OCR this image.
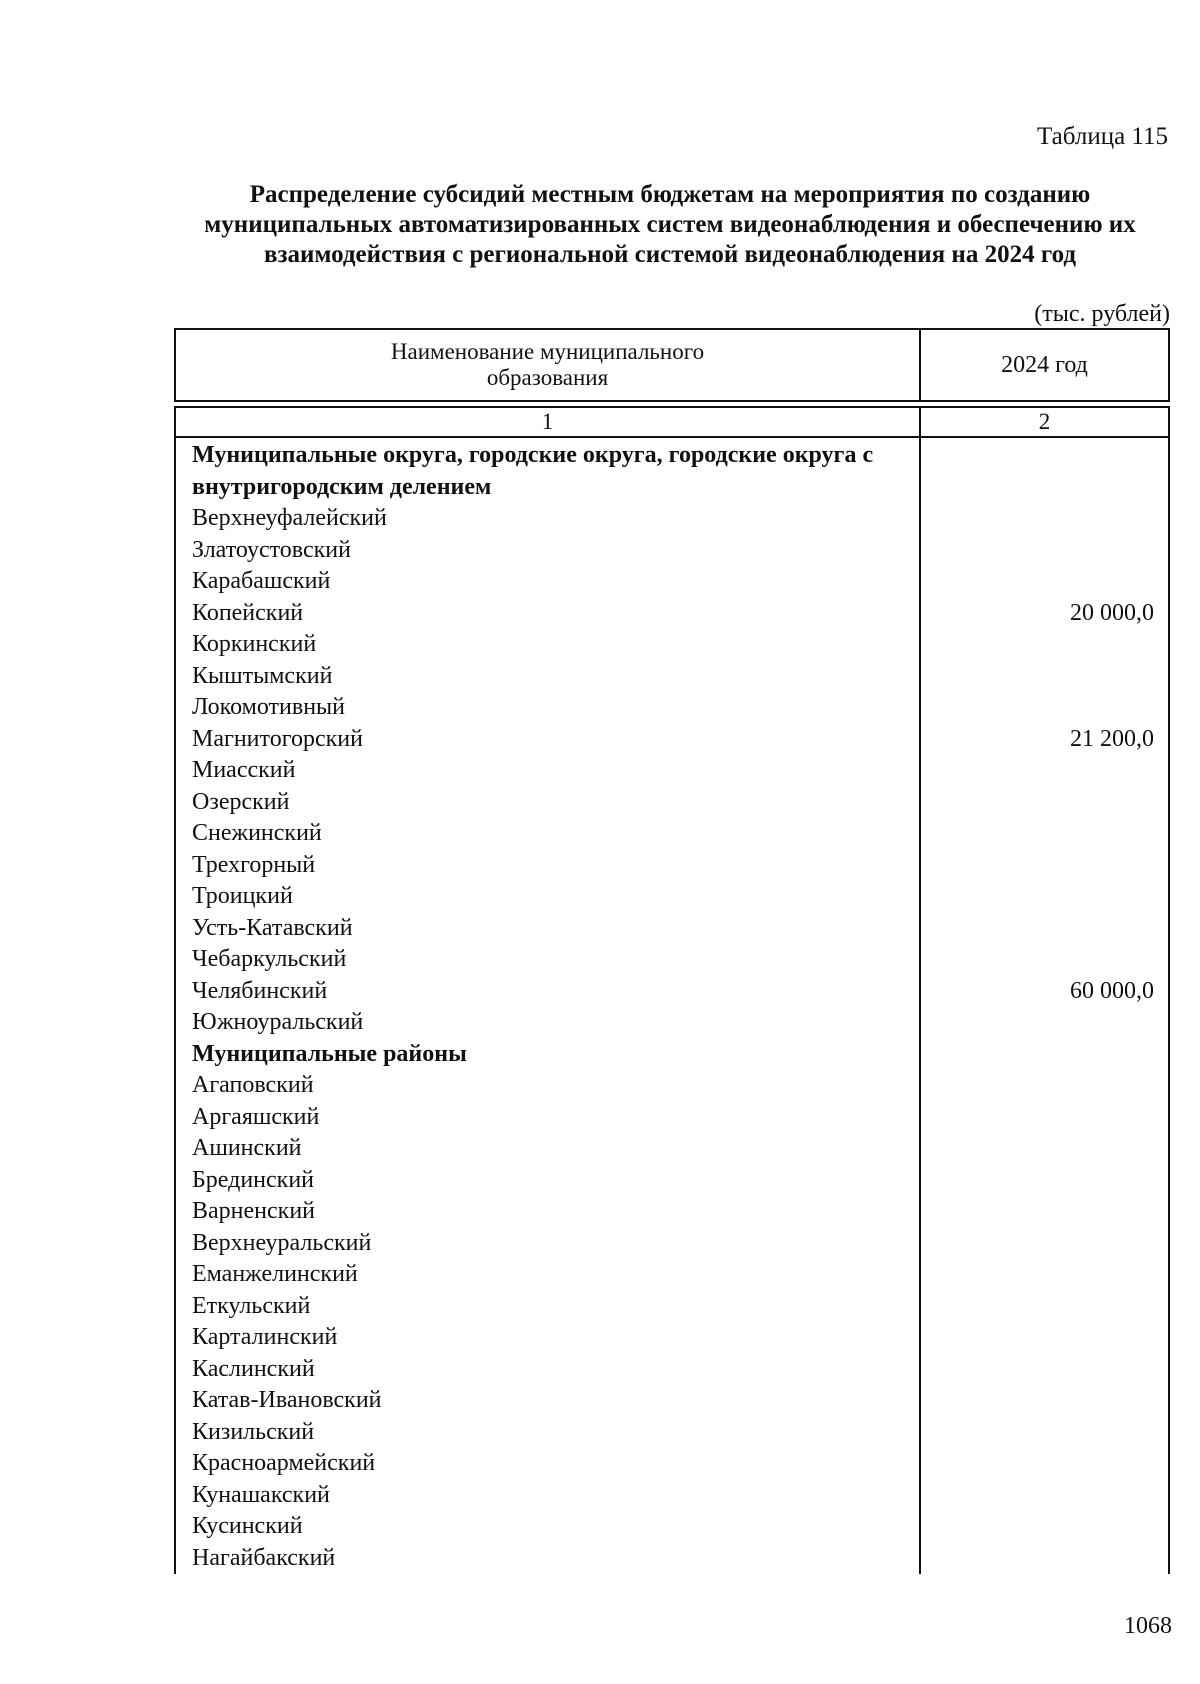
Таблица 115
Распределение субсидий местным бюджетам на мероприятия по созданию муниципальных автоматизированных систем видеонаблюдения и обеспечению их взаимодействия с региональной системой видеонаблюдения на 2024 год
(тыс. рублей)
Наименование муниципального образования	2024 год
1	2
Муниципальные округа, городские округа, городские округа с внутригородским делением
Верхнеуфалейский
Златоустовский
Карабашский
Копейский	20 000,0
Коркинский
Кыштымский
Локомотивный
Магнитогорский	21 200,0
Миасский
Озерский
Снежинский
Трехгорный
Троицкий
Усть-Катавский
Чебаркульский
Челябинский	60 000,0
Южноуральский
Муниципальные районы
Агаповский
Аргаяшский
Ашинский
Брединский
Варненский
Верхнеуральский
Еманжелинский
Еткульский
Карталинский
Каслинский
Катав-Ивановский
Кизильский
Красноармейский
Кунашакский
Кусинский
Нагайбакский
1068
